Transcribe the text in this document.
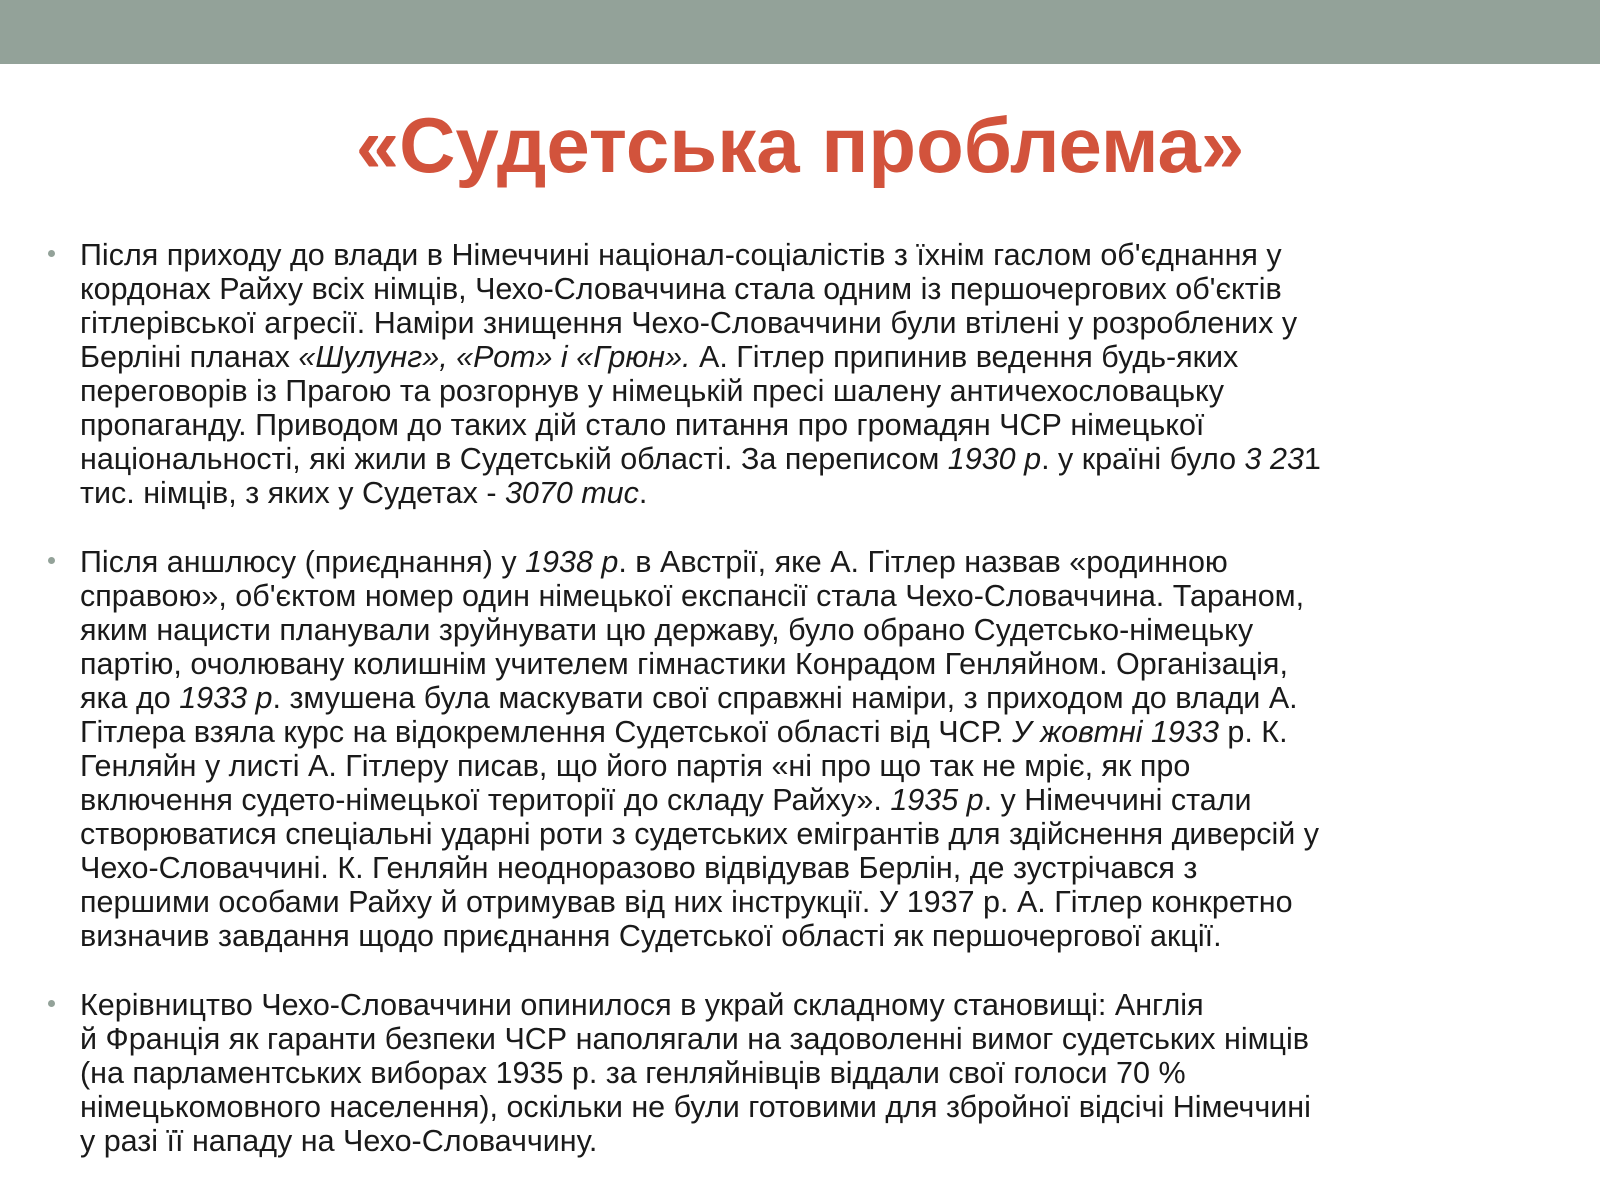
«Судетська проблема»
Після приходу до влади в Німеччині націонал-соціалістів з їхнім гаслом об'єднання у
кордонах Райху всіх німців, Чехо-Словаччина стала одним із першочергових об'єктів
гітлерівської агресії. Наміри знищення Чехо-Словаччини були втілені у розроблених у
Берліні планах «Шулунг», «Рот» і «Грюн». А. Гітлер припинив ведення будь-яких
переговорів із Прагою та розгорнув у німецькій пресі шалену античехословацьку
пропаганду. Приводом до таких дій стало питання про громадян ЧСР німецької
національності, які жили в Судетській області. За переписом 1930 р. у країні було 3 231
тис. німців, з яких у Судетах - 3070 тис.
Після аншлюсу (приєднання) у 1938 р. в Австрії, яке А. Гітлер назвав «родинною
справою», об'єктом номер один німецької експансії стала Чехо-Словаччина. Тараном,
яким нацисти планували зруйнувати цю державу, було обрано Судетсько-німецьку
партію, очолювану колишнім учителем гімнастики Конрадом Генляйном. Організація,
яка до 1933 р. змушена була маскувати свої справжні наміри, з приходом до влади А.
Гітлера взяла курс на відокремлення Судетської області від ЧСР. У жовтні 1933 р. К.
Генляйн у листі А. Гітлеру писав, що його партія «ні про що так не мріє, як про
включення судето-німецької території до складу Райху». 1935 р. у Німеччині стали
створюватися спеціальні ударні роти з судетських емігрантів для здійснення диверсій у
Чехо-Словаччині. К. Генляйн неодноразово відвідував Берлін, де зустрічався з
першими особами Райху й отримував від них інструкції. У 1937 р. А. Гітлер конкретно
визначив завдання щодо приєднання Судетської області як першочергової акції.
Керівництво Чехо-Словаччини опинилося в украй складному становищі: Англія
й Франція як гаранти безпеки ЧСР наполягали на задоволенні вимог судетських німців
(на парламентських виборах 1935 р. за генляйнівців віддали свої голоси 70 %
німецькомовного населення), оскільки не були готовими для збройної відсічі Німеччині
у разі її нападу на Чехо-Словаччину.
